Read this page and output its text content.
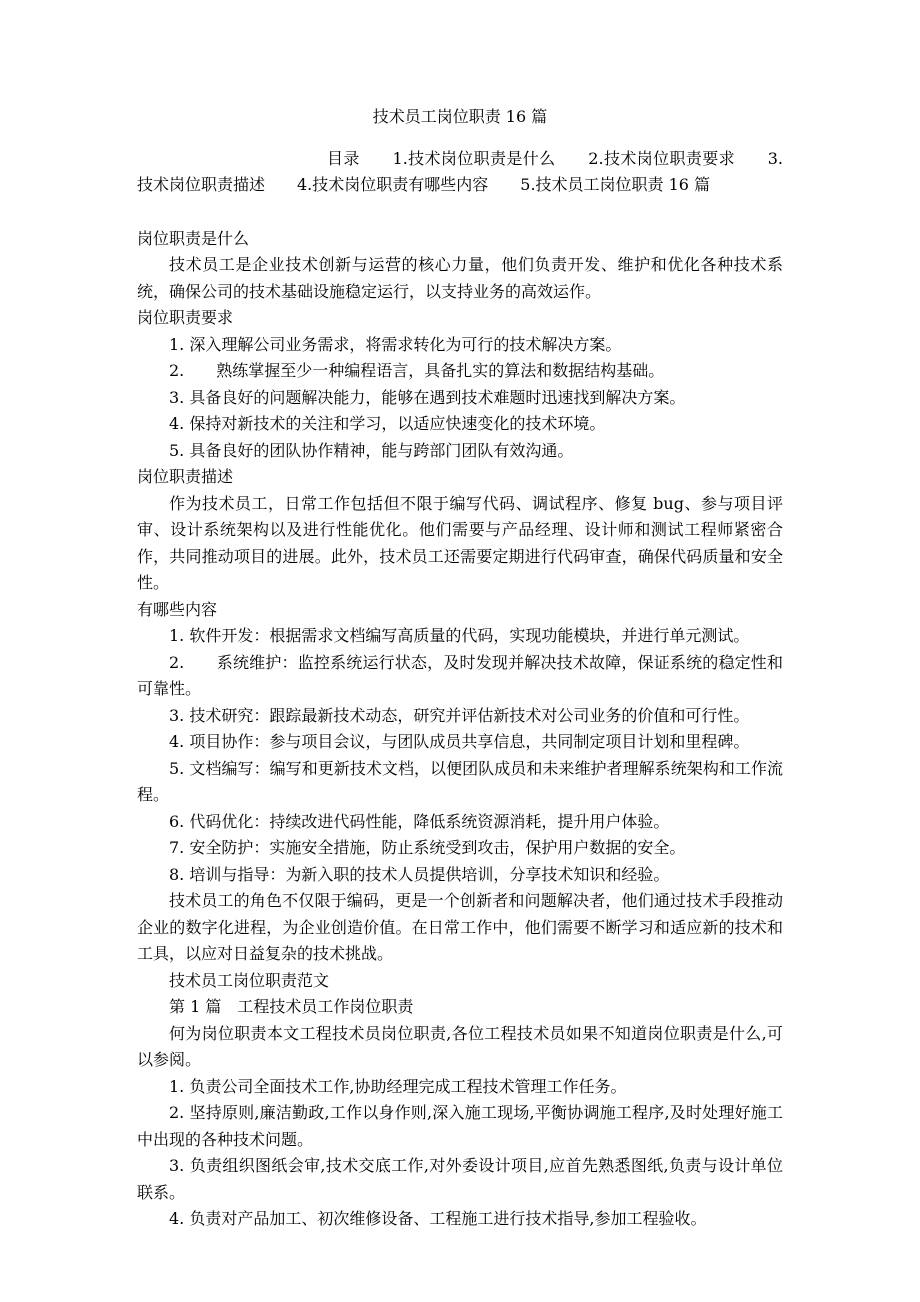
技术员工岗位职责 16 篇

目录　　1.技术岗位职责是什么　　2.技术岗位职责要求　　3.技术岗位职责描述　　4.技术岗位职责有哪些内容　　5.技术员工岗位职责 16 篇

岗位职责是什么

技术员工是企业技术创新与运营的核心力量，他们负责开发、维护和优化各种技术系统，确保公司的技术基础设施稳定运行，以支持业务的高效运作。

岗位职责要求

1. 深入理解公司业务需求，将需求转化为可行的技术解决方案。

2.　　熟练掌握至少一种编程语言，具备扎实的算法和数据结构基础。

3. 具备良好的问题解决能力，能够在遇到技术难题时迅速找到解决方案。

4. 保持对新技术的关注和学习，以适应快速变化的技术环境。

5. 具备良好的团队协作精神，能与跨部门团队有效沟通。

岗位职责描述

作为技术员工，日常工作包括但不限于编写代码、调试程序、修复 bug、参与项目评审、设计系统架构以及进行性能优化。他们需要与产品经理、设计师和测试工程师紧密合作，共同推动项目的进展。此外，技术员工还需要定期进行代码审查，确保代码质量和安全性。

有哪些内容

1. 软件开发：根据需求文档编写高质量的代码，实现功能模块，并进行单元测试。

2.　　系统维护：监控系统运行状态，及时发现并解决技术故障，保证系统的稳定性和可靠性。

3. 技术研究：跟踪最新技术动态，研究并评估新技术对公司业务的价值和可行性。

4. 项目协作：参与项目会议，与团队成员共享信息，共同制定项目计划和里程碑。

5. 文档编写：编写和更新技术文档，以便团队成员和未来维护者理解系统架构和工作流程。

6. 代码优化：持续改进代码性能，降低系统资源消耗，提升用户体验。

7. 安全防护：实施安全措施，防止系统受到攻击，保护用户数据的安全。

8. 培训与指导：为新入职的技术人员提供培训，分享技术知识和经验。

技术员工的角色不仅限于编码，更是一个创新者和问题解决者，他们通过技术手段推动企业的数字化进程，为企业创造价值。在日常工作中，他们需要不断学习和适应新的技术和工具，以应对日益复杂的技术挑战。

技术员工岗位职责范文

第 1 篇　工程技术员工作岗位职责

何为岗位职责本文工程技术员岗位职责,各位工程技术员如果不知道岗位职责是什么,可以参阅。

1. 负责公司全面技术工作,协助经理完成工程技术管理工作任务。

2. 坚持原则,廉洁勤政,工作以身作则,深入施工现场,平衡协调施工程序,及时处理好施工中出现的各种技术问题。

3. 负责组织图纸会审,技术交底工作,对外委设计项目,应首先熟悉图纸,负责与设计单位联系。

4. 负责对产品加工、初次维修设备、工程施工进行技术指导,参加工程验收。
